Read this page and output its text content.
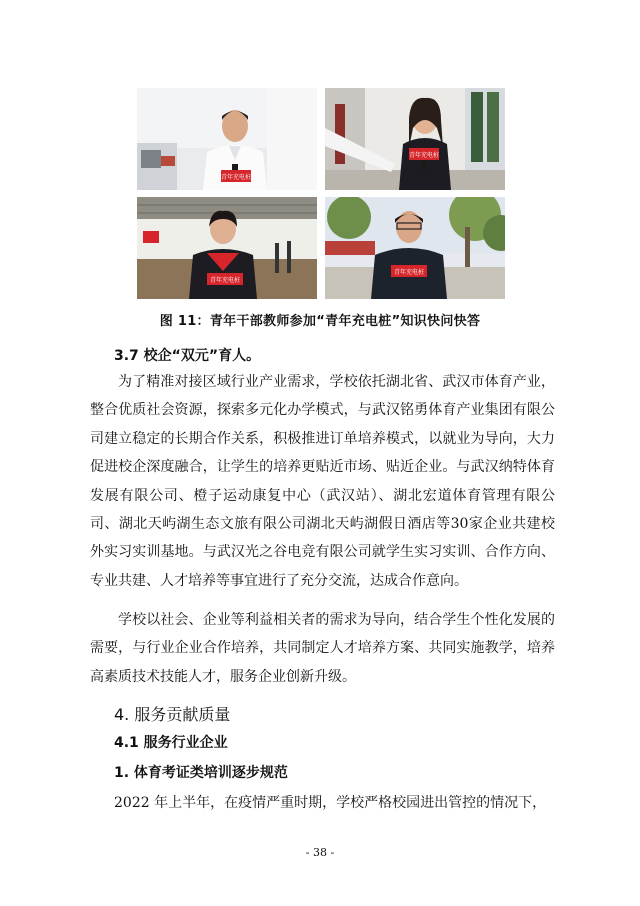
青年充电桩
青年充电桩
青年充电桩
青年充电桩
图 11：青年干部教师参加“青年充电桩”知识快问快答
3.7 校企“双元”育人。

为了精准对接区域行业产业需求，学校依托湖北省、武汉市体育产业，整合优质社会资源，探索多元化办学模式，与武汉铭勇体育产业集团有限公司建立稳定的长期合作关系，积极推进订单培养模式，以就业为导向，大力促进校企深度融合，让学生的培养更贴近市场、贴近企业。与武汉纳特体育发展有限公司、橙子运动康复中心（武汉站）、湖北宏道体育管理有限公司、湖北天屿湖生态文旅有限公司湖北天屿湖假日酒店等30家企业共建校外实习实训基地。与武汉光之谷电竞有限公司就学生实习实训、合作方向、专业共建、人才培养等事宜进行了充分交流，达成合作意向。

学校以社会、企业等利益相关者的需求为导向，结合学生个性化发展的需要，与行业企业合作培养，共同制定人才培养方案、共同实施教学，培养高素质技术技能人才，服务企业创新升级。

4. 服务贡献质量
4.1 服务行业企业
1. 体育考证类培训逐步规范

2022 年上半年，在疫情严重时期，学校严格校园进出管控的情况下，

- 38 -
